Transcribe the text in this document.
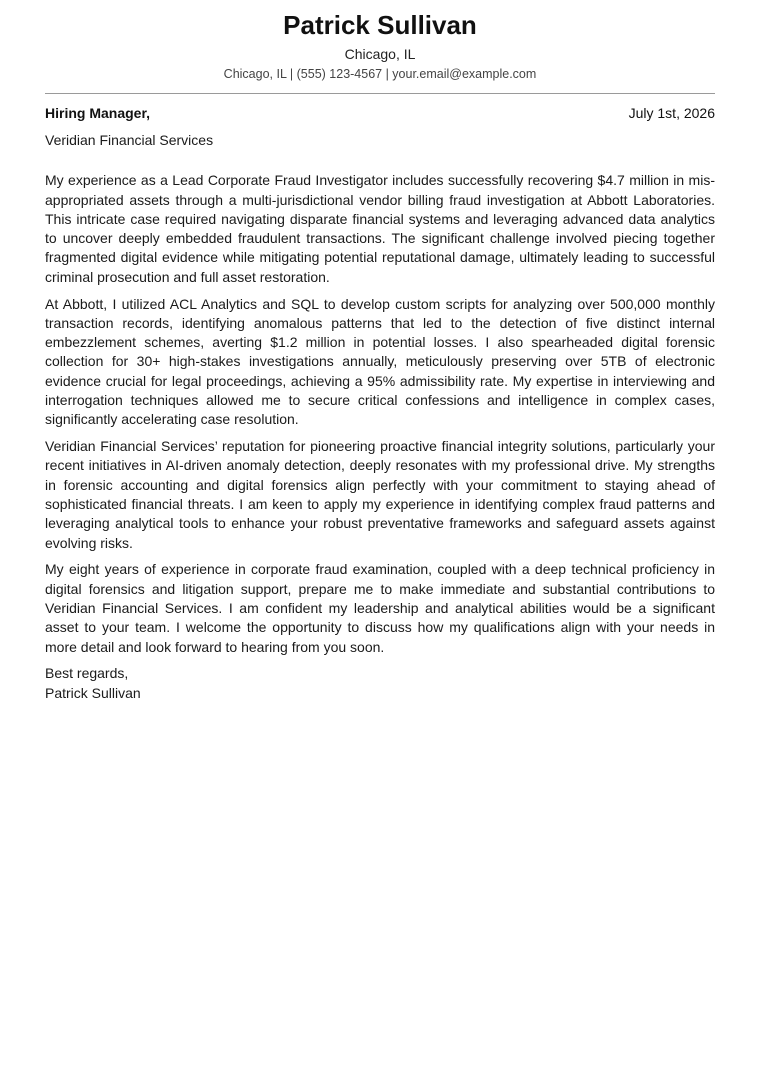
Patrick Sullivan
Chicago, IL
Chicago, IL | (555) 123-4567 | your.email@example.com
Hiring Manager,	July 1st, 2026
Veridian Financial Services

My experience as a Lead Corporate Fraud Investigator includes successfully recovering $4.7 million in misappropriated assets through a multi-jurisdictional vendor billing fraud investigation at Abbott Laboratories. This intricate case required navigating disparate financial systems and leveraging advanced data analytics to uncover deeply embedded fraudulent transactions. The significant challenge involved piecing together fragmented digital evidence while mitigating potential reputational damage, ultimately leading to successful criminal prosecution and full asset restoration.

At Abbott, I utilized ACL Analytics and SQL to develop custom scripts for analyzing over 500,000 monthly transaction records, identifying anomalous patterns that led to the detection of five distinct internal embezzlement schemes, averting $1.2 million in potential losses. I also spearheaded digital forensic collection for 30+ high-stakes investigations annually, meticulously preserving over 5TB of electronic evidence crucial for legal proceedings, achieving a 95% admissibility rate. My expertise in interviewing and interrogation techniques allowed me to secure critical confessions and intelligence in complex cases, significantly accelerating case resolution.

Veridian Financial Services’ reputation for pioneering proactive financial integrity solutions, particularly your recent initiatives in AI-driven anomaly detection, deeply resonates with my professional drive. My strengths in forensic accounting and digital forensics align perfectly with your commitment to staying ahead of sophisticated financial threats. I am keen to apply my experience in identifying complex fraud patterns and leveraging analytical tools to enhance your robust preventative frameworks and safeguard assets against evolving risks.

My eight years of experience in corporate fraud examination, coupled with a deep technical proficiency in digital forensics and litigation support, prepare me to make immediate and substantial contributions to Veridian Financial Services. I am confident my leadership and analytical abilities would be a significant asset to your team. I welcome the opportunity to discuss how my qualifications align with your needs in more detail and look forward to hearing from you soon.

Best regards,
Patrick Sullivan
